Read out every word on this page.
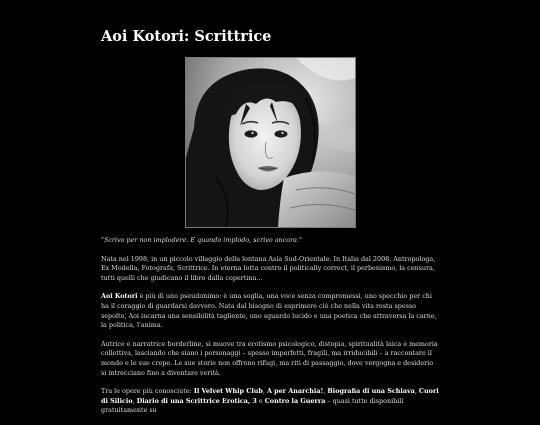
Aoi Kotori: Scrittrice

"Scrivo per non implodere. E quando implodo, scrivo ancora."

Nata nel 1998, in un piccolo villaggio della lontana Asia Sud-Orientale. In Italia dal 2008. Antropologa, Ex Modella, Fotografa, Scrittrice. In eterna lotta contro il politically correct, il perbenismo, la censura, tutti quelli che giudicano il libro dalla copertina…

Aoi Kotori è più di uno pseudonimo: è una soglia, una voce senza compromessi, uno specchio per chi ha il coraggio di guardarsi davvero. Nata dal bisogno di esprimere ciò che nella vita resta spesso sepolto, Aoi incarna una sensibilità tagliente, uno sguardo lucido e una poetica che attraversa la carne, la politica, l'anima.

Autrice e narratrice borderline, si muove tra erotismo psicologico, distopia, spiritualità laica e memoria collettiva, lasciando che siano i personaggi – spesso imperfetti, fragili, ma irriducibili – a raccontare il mondo e le sue crepe. Le sue storie non offrono rifugi, ma riti di passaggio, dove vergogna e desiderio si intrecciano fino a diventare verità.

Tra le opere più conosciute: Il Velvet Whip Club, A per Anarchia!, Biografia di una Schiava, Cuori di Silicio, Diario di una Scrittrice Erotica, 3 e Contro la Guerra – quasi tutte disponibili gratuitamente su
